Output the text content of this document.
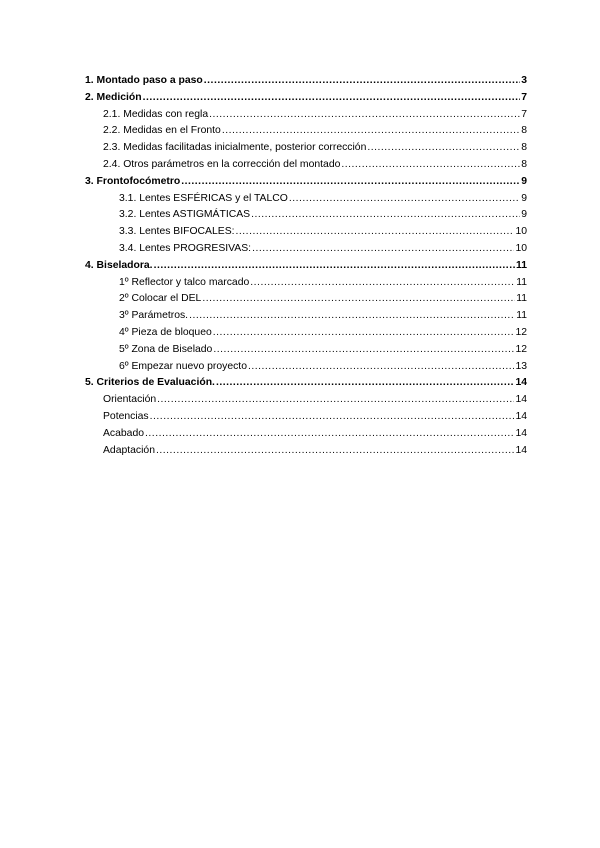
1. Montado paso a paso .....	3
2. Medición .....	7
2.1. Medidas con regla .....	7
2.2. Medidas en el Fronto .....	8
2.3. Medidas facilitadas inicialmente, posterior corrección .....	8
2.4. Otros parámetros en la corrección del montado .....	8
3. Frontofocómetro .....	9
3.1. Lentes ESFÉRICAS y el TALCO .....	9
3.2. Lentes ASTIGMÁTICAS .....	9
3.3. Lentes BIFOCALES: .....	10
3.4. Lentes PROGRESIVAS: .....	10
4. Biseladora. .....	11
1º Reflector y talco marcado .....	11
2º Colocar el DEL .....	11
3º Parámetros. .....	11
4º Pieza de bloqueo .....	12
5º Zona de Biselado .....	12
6º Empezar nuevo proyecto .....	13
5. Criterios de Evaluación. .....	14
Orientación .....	14
Potencias .....	14
Acabado .....	14
Adaptación .....	14
